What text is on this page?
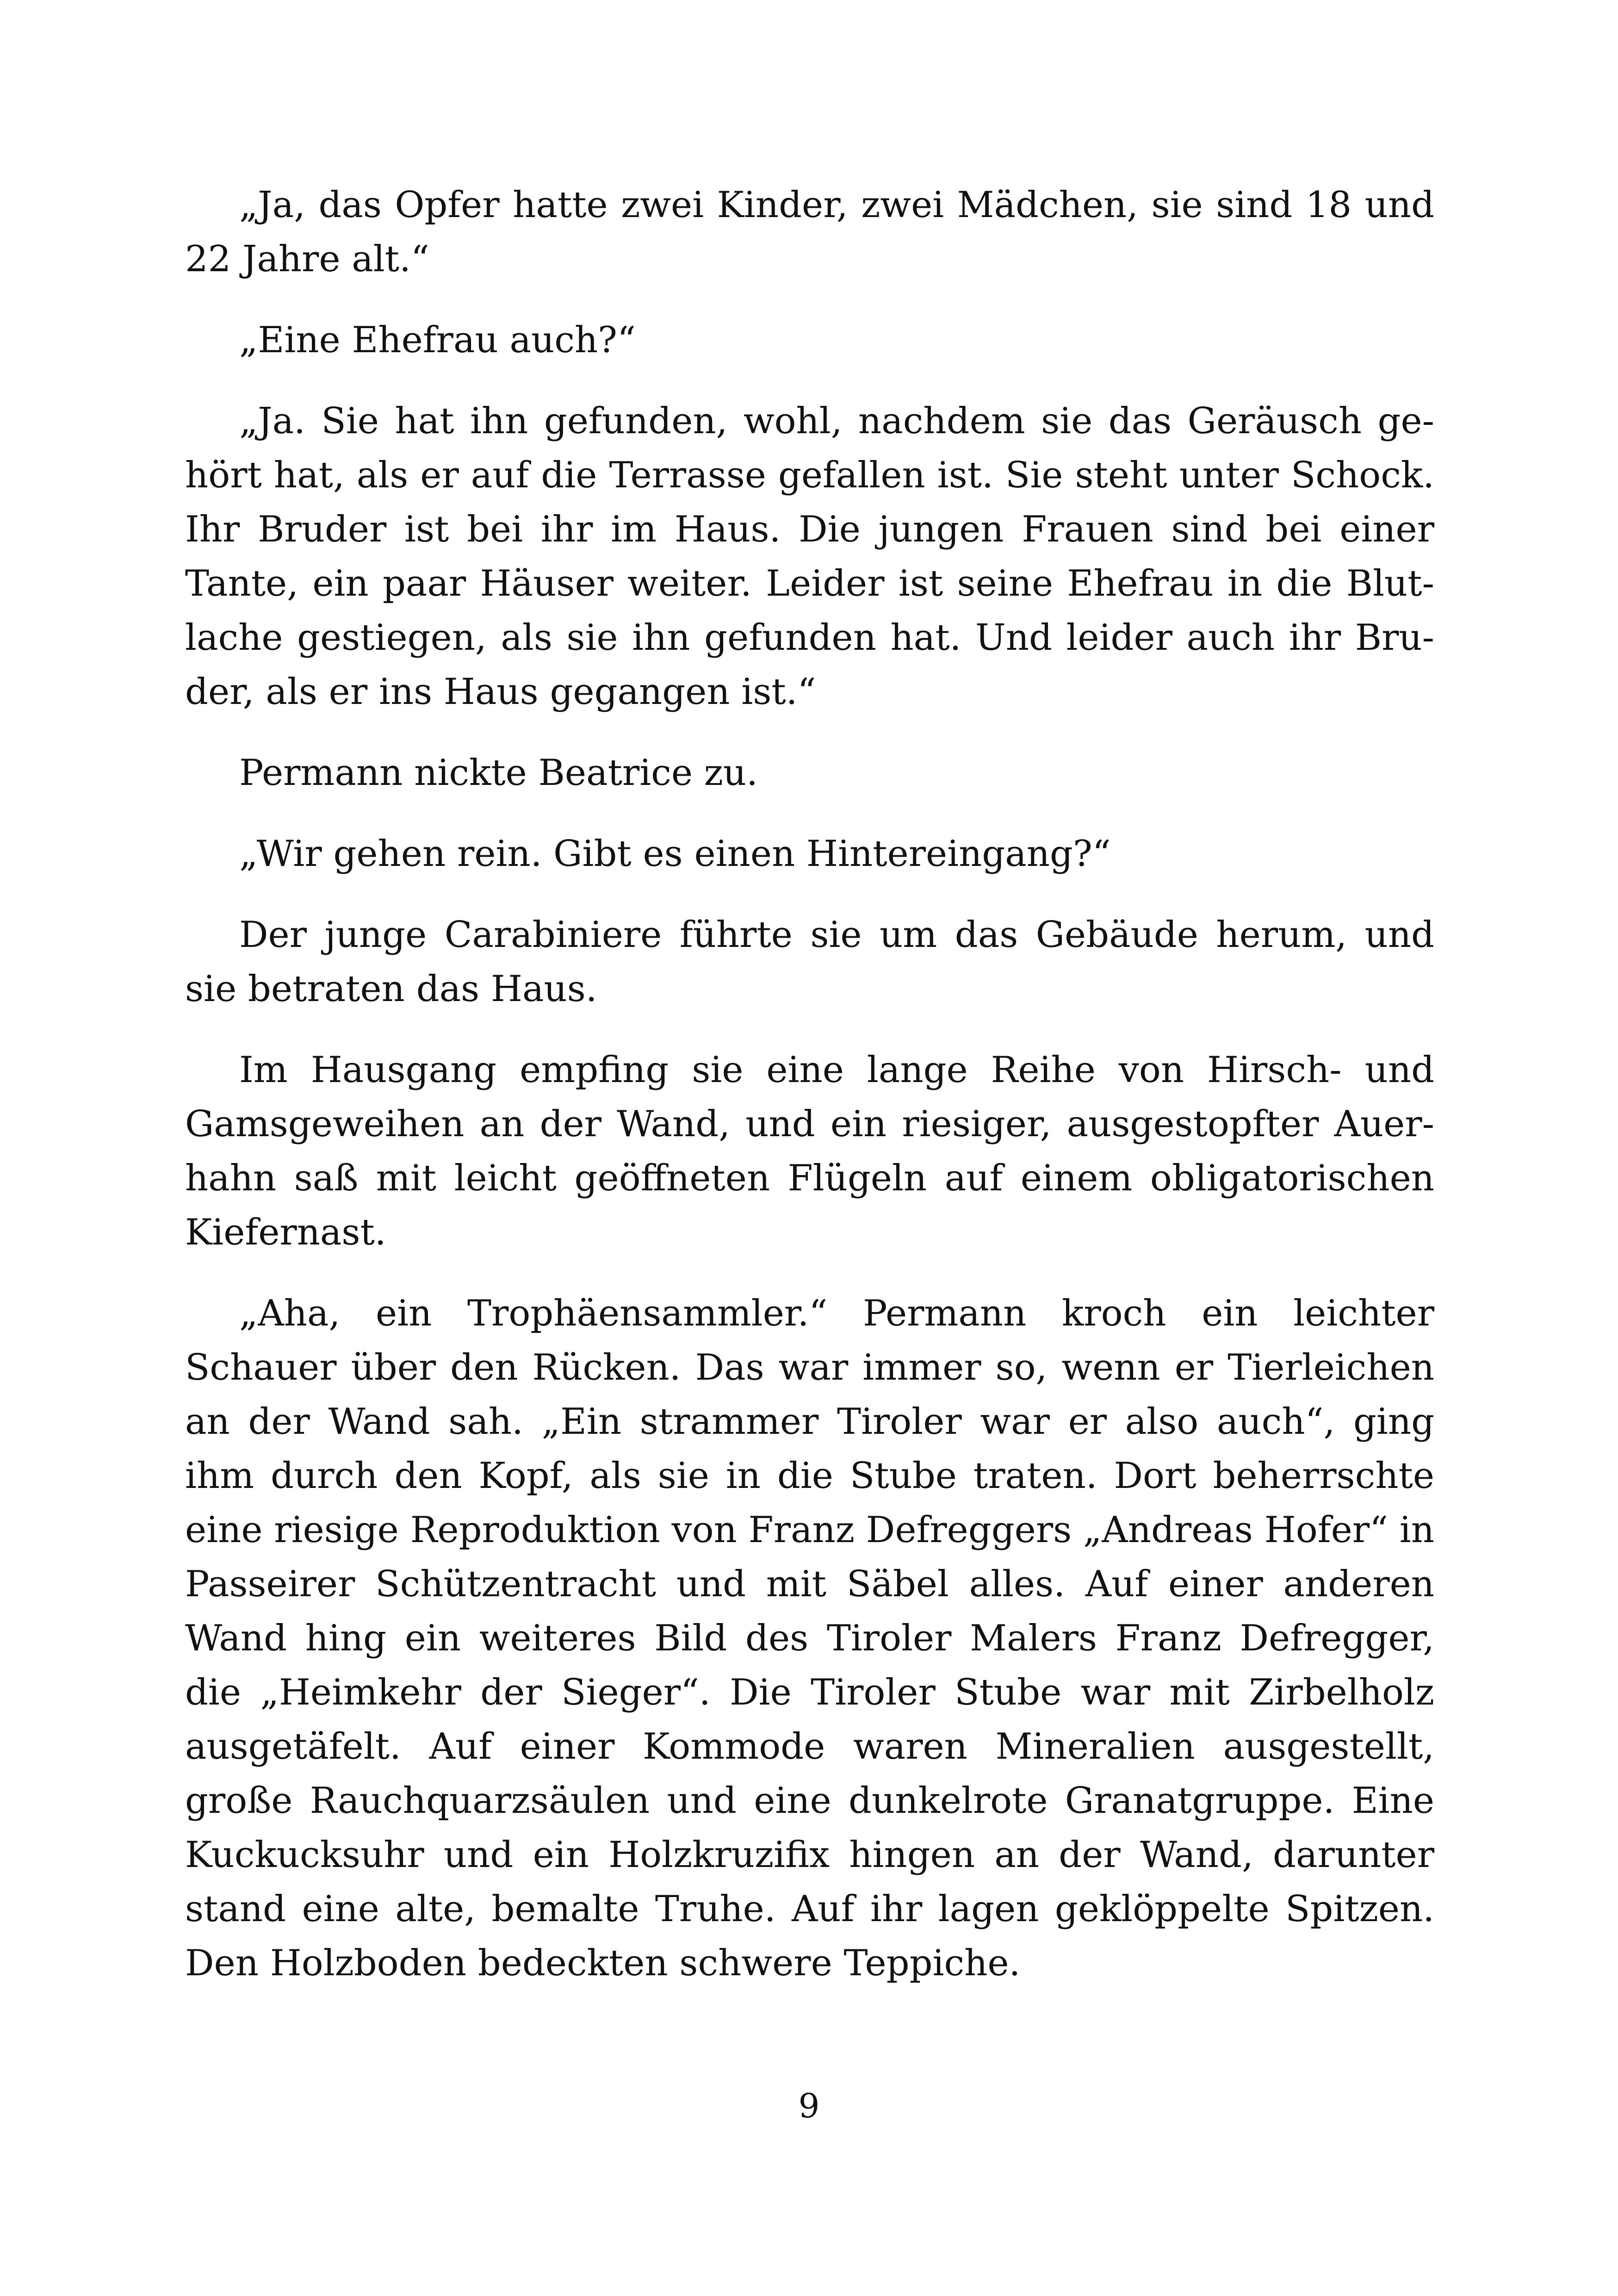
„Ja, das Opfer hatte zwei Kinder, zwei Mädchen, sie sind 18 und 22 Jahre alt.“

„Eine Ehefrau auch?“

„Ja. Sie hat ihn gefunden, wohl, nachdem sie das Geräusch gehört hat, als er auf die Terrasse gefallen ist. Sie steht unter Schock. Ihr Bruder ist bei ihr im Haus. Die jungen Frauen sind bei einer Tante, ein paar Häuser weiter. Leider ist seine Ehefrau in die Blutlache gestiegen, als sie ihn gefunden hat. Und leider auch ihr Bruder, als er ins Haus gegangen ist.“

Permann nickte Beatrice zu.

„Wir gehen rein. Gibt es einen Hintereingang?“

Der junge Carabiniere führte sie um das Gebäude herum, und sie betraten das Haus.

Im Hausgang empfing sie eine lange Reihe von Hirsch- und Gamsgeweihen an der Wand, und ein riesiger, ausgestopfter Auerhahn saß mit leicht geöffneten Flügeln auf einem obligatorischen Kiefernast.

„Aha, ein Trophäensammler.“ Permann kroch ein leichter Schauer über den Rücken. Das war immer so, wenn er Tierleichen an der Wand sah. „Ein strammer Tiroler war er also auch“, ging ihm durch den Kopf, als sie in die Stube traten. Dort beherrschte eine riesige Reproduktion von Franz Defreggers „Andreas Hofer“ in Passeirer Schützentracht und mit Säbel alles. Auf einer anderen Wand hing ein weiteres Bild des Tiroler Malers Franz Defregger, die „Heimkehr der Sieger“. Die Tiroler Stube war mit Zirbelholz ausgetäfelt. Auf einer Kommode waren Mineralien ausgestellt, große Rauchquarzsäulen und eine dunkelrote Granatgruppe. Eine Kuckucksuhr und ein Holzkruzifix hingen an der Wand, darunter stand eine alte, bemalte Truhe. Auf ihr lagen geklöppelte Spitzen. Den Holzboden bedeckten schwere Teppiche.

9
